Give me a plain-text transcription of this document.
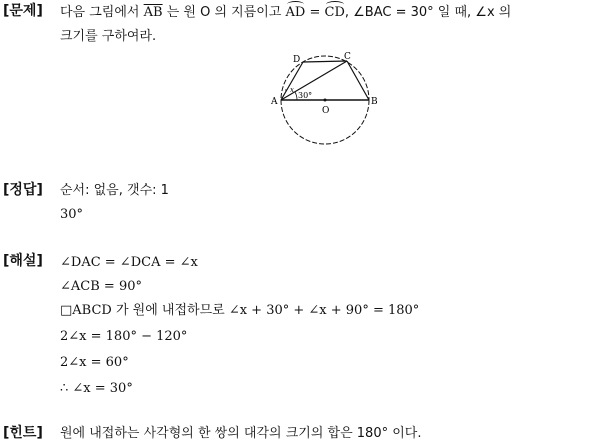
[문제] 다음 그림에서 $\overline{AB}$ 는 원 O 의 지름이고 AD = CD, ∠BAC = 30° 일 때, ∠x 의
크기를 구하여라.
A	B
C
D
O
30°
x
[정답] 순서: 없음, 갯수: 1
30°
[해설] ∠DAC = ∠DCA = ∠x
∠ACB = 90°
□ABCD 가 원에 내접하므로 ∠x + 30° + ∠x + 90° = 180°
2∠x = 180° − 120°
2∠x = 60°
∴ ∠x = 30°
[힌트] 원에 내접하는 사각형의 한 쌍의 대각의 크기의 합은 180° 이다.
